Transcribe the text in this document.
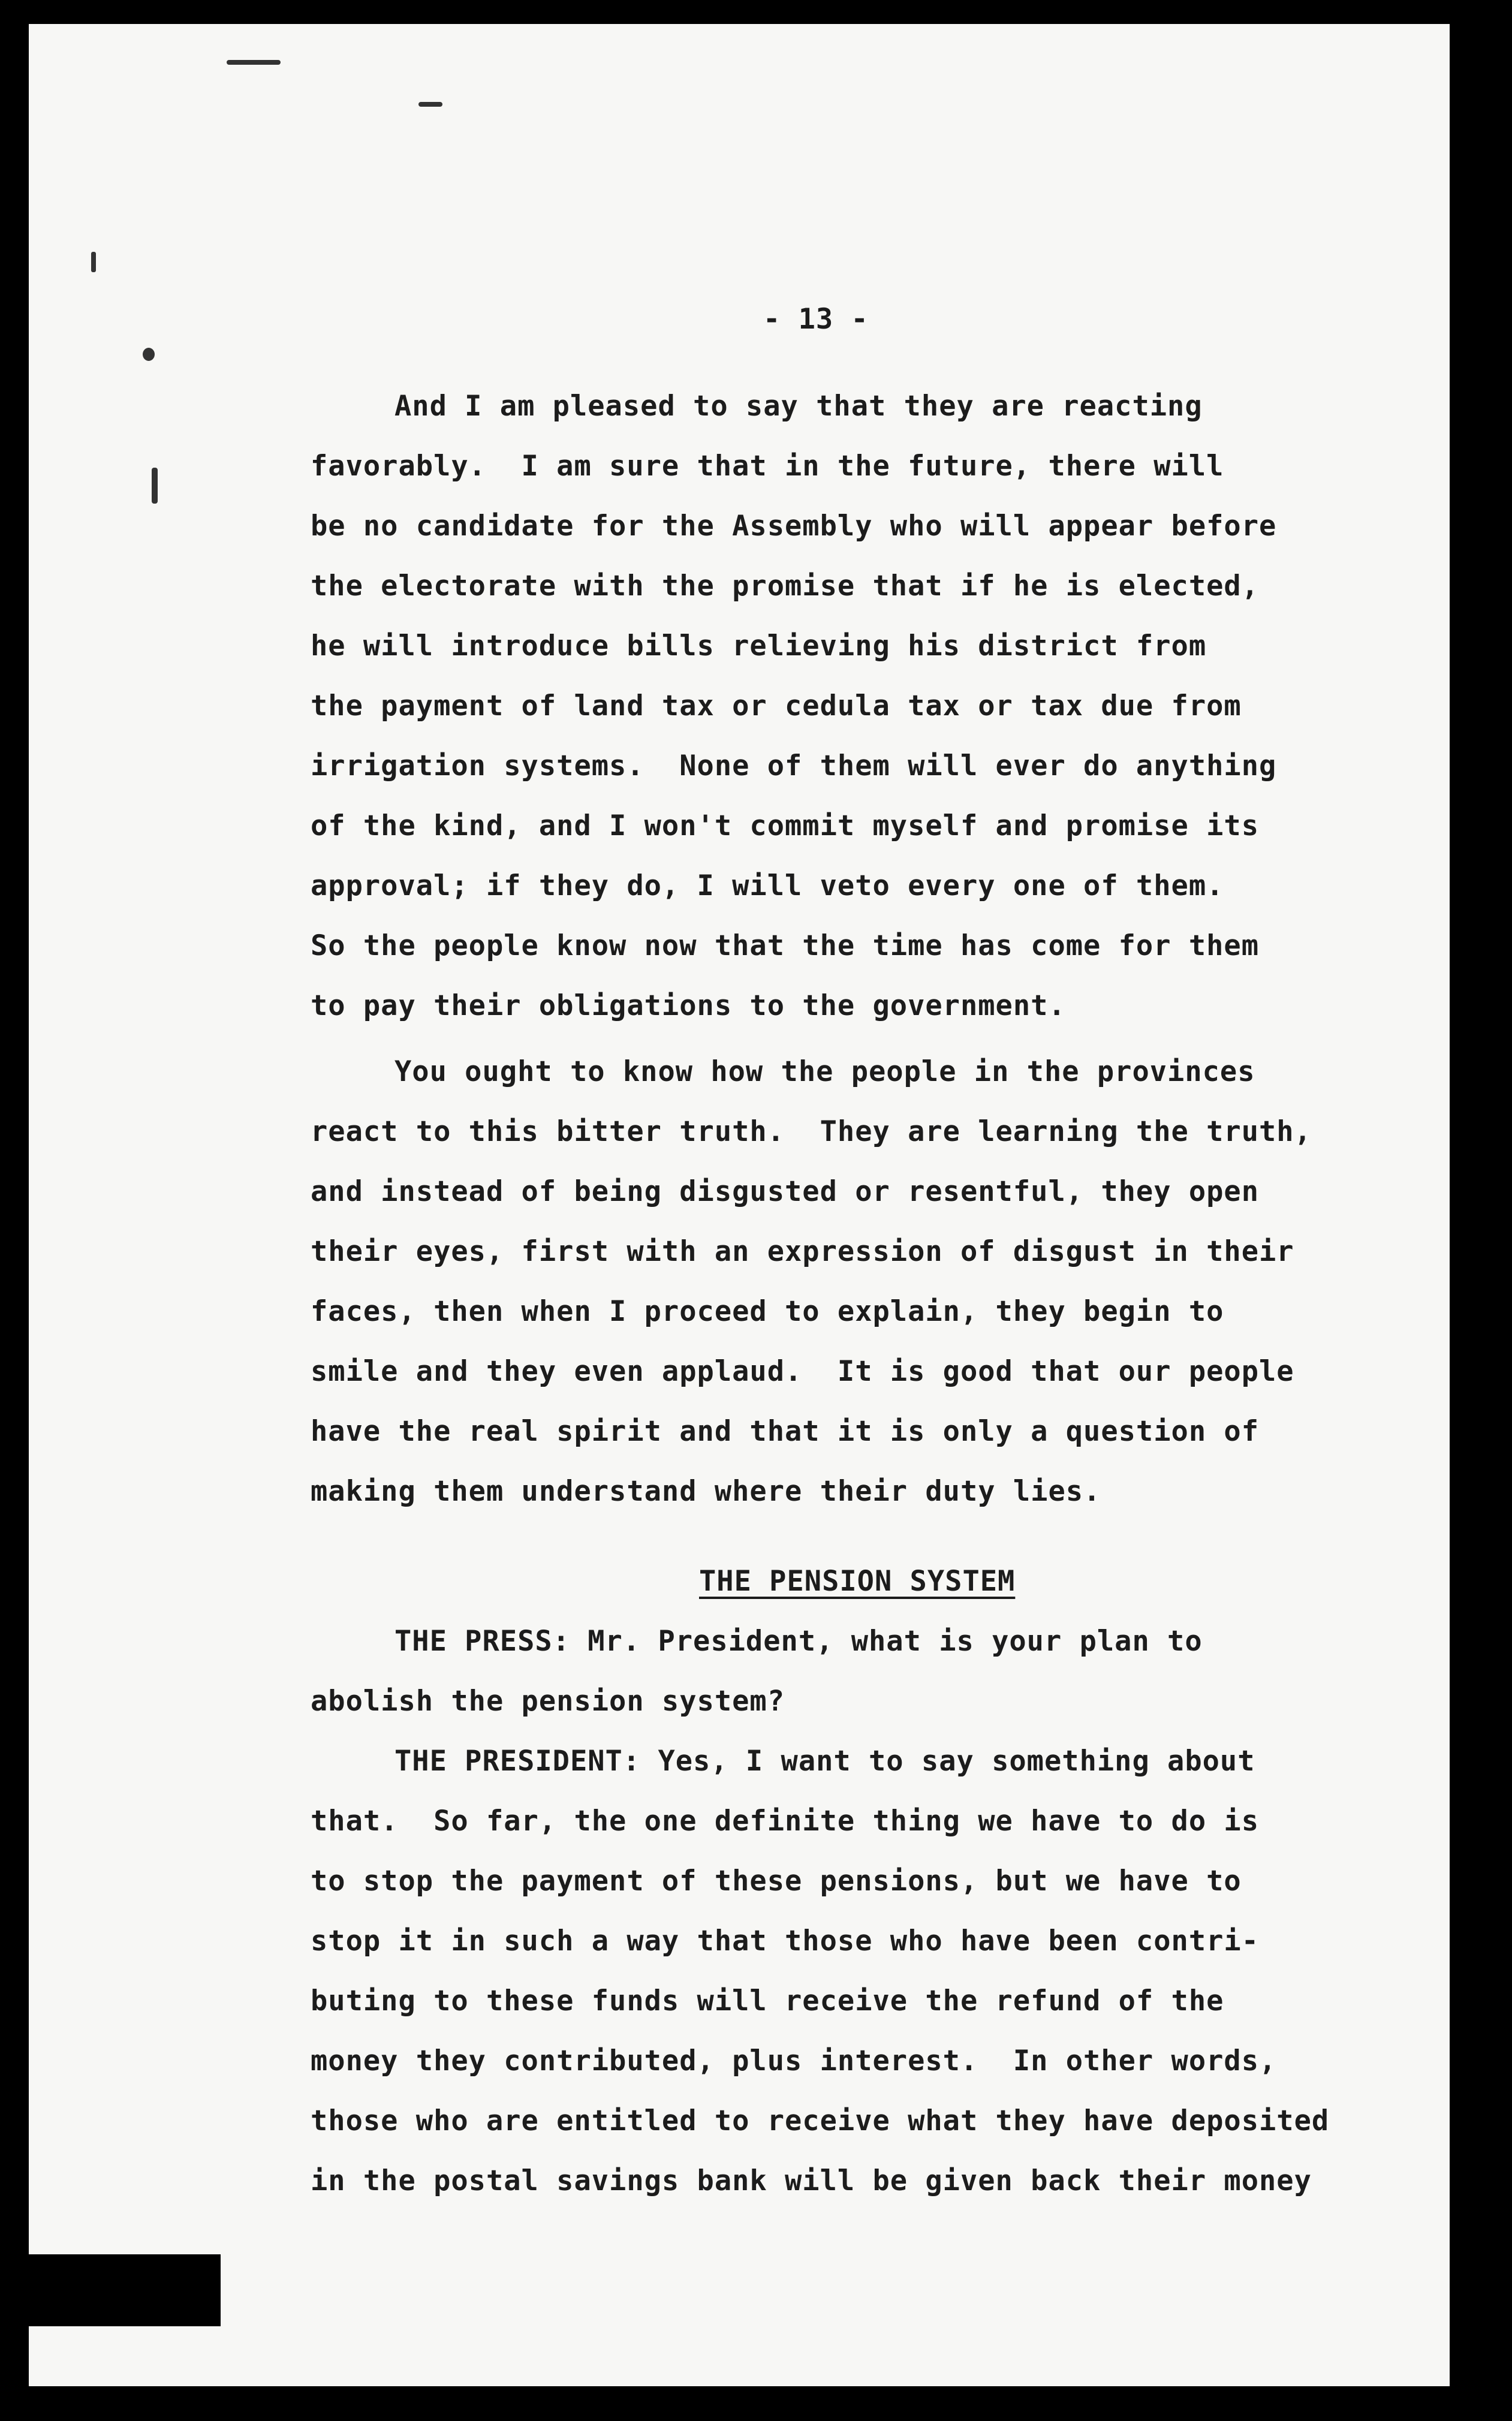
- 13 -
And I am pleased to say that they are reacting
favorably.  I am sure that in the future, there will
be no candidate for the Assembly who will appear before
the electorate with the promise that if he is elected,
he will introduce bills relieving his district from
the payment of land tax or cedula tax or tax due from
irrigation systems.  None of them will ever do anything
of the kind, and I won't commit myself and promise its
approval; if they do, I will veto every one of them.
So the people know now that the time has come for them
to pay their obligations to the government.
You ought to know how the people in the provinces
react to this bitter truth.  They are learning the truth,
and instead of being disgusted or resentful, they open
their eyes, first with an expression of disgust in their
faces, then when I proceed to explain, they begin to
smile and they even applaud.  It is good that our people
have the real spirit and that it is only a question of
making them understand where their duty lies.
THE PENSION SYSTEM
THE PRESS: Mr. President, what is your plan to
abolish the pension system?
THE PRESIDENT: Yes, I want to say something about
that.  So far, the one definite thing we have to do is
to stop the payment of these pensions, but we have to
stop it in such a way that those who have been contri-
buting to these funds will receive the refund of the
money they contributed, plus interest.  In other words,
those who are entitled to receive what they have deposited
in the postal savings bank will be given back their money
